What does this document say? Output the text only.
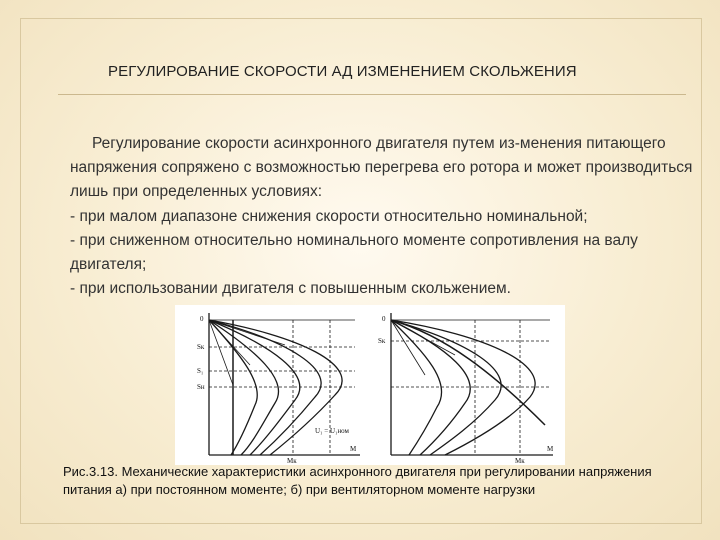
РЕГУЛИРОВАНИЕ СКОРОСТИ АД ИЗМЕНЕНИЕМ СКОЛЬЖЕНИЯ

Регулирование скорости асинхронного двигателя путем из-менения питающего напряжения сопряжено с возможностью перегрева его ротора и может производиться лишь при определенных условиях:

- при малом диапазоне снижения скорости относительно номинальной;

- при сниженном относительно номинального моменте сопротивления на валу двигателя;

- при использовании двигателя с повышенным скольжением.

0
Sк
S₁
Sн
Мк
M
U₁ = U₁ном
0
Sк
Mк
M
Рис.3.13. Механические характеристики асинхронного двигателя при регулировании напряжения питания а) при постоянном моменте; б) при вентиляторном моменте нагрузки
